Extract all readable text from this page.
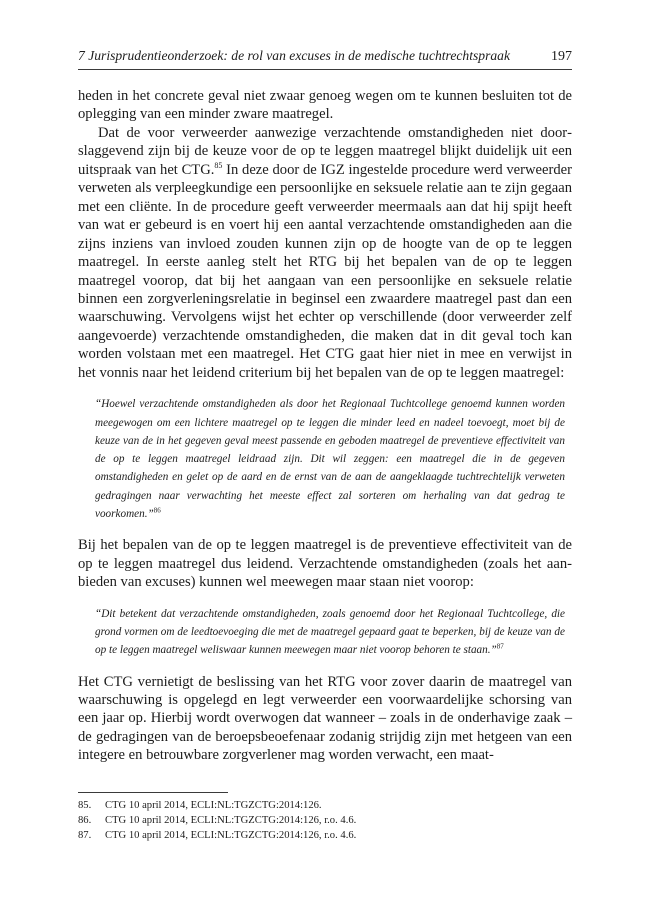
7 Jurisprudentieonderzoek: de rol van excuses in de medische tuchtrechtspraak	197

heden in het concrete geval niet zwaar genoeg wegen om te kunnen besluiten tot de oplegging van een minder zware maatregel.

Dat de voor verweerder aanwezige verzachtende omstandigheden niet doorslaggevend zijn bij de keuze voor de op te leggen maatregel blijkt duidelijk uit een uitspraak van het CTG.$^{85}$ In deze door de IGZ ingestelde procedure werd verweerder verweten als verpleegkundige een persoonlijke en seksuele relatie aan te zijn gegaan met een cliënte. In de procedure geeft verweerder meermaals aan dat hij spijt heeft van wat er gebeurd is en voert hij een aantal verzachtende omstandigheden aan die zijns inziens van invloed zouden kunnen zijn op de hoogte van de op te leggen maatregel. In eerste aanleg stelt het RTG bij het bepalen van de op te leggen maatregel voorop, dat bij het aangaan van een persoonlijke en seksuele relatie binnen een zorgverleningsrelatie in beginsel een zwaardere maatregel past dan een waarschuwing. Vervolgens wijst het echter op verschillende (door verweerder zelf aangevoerde) verzachtende omstandigheden, die maken dat in dit geval toch kan worden volstaan met een maatregel. Het CTG gaat hier niet in mee en verwijst in het vonnis naar het leidend criterium bij het bepalen van de op te leggen maatregel:

“Hoewel verzachtende omstandigheden als door het Regionaal Tuchtcollege genoemd kunnen worden meegewogen om een lichtere maatregel op te leggen die minder leed en nadeel toevoegt, moet bij de keuze van de in het gegeven geval meest passende en geboden maatregel de preventieve effectiviteit van de op te leggen maatregel leidraad zijn. Dit wil zeggen: een maatregel die in de gegeven omstandigheden en gelet op de aard en de ernst van de aan de aangeklaagde tuchtrechtelijk verweten gedragingen naar verwachting het meeste effect zal sorteren om herhaling van dat gedrag te voorkomen.”$^{86}$

Bij het bepalen van de op te leggen maatregel is de preventieve effectiviteit van de op te leggen maatregel dus leidend. Verzachtende omstandigheden (zoals het aanbieden van excuses) kunnen wel meewegen maar staan niet voorop:

“Dit betekent dat verzachtende omstandigheden, zoals genoemd door het Regionaal Tuchtcollege, die grond vormen om de leedtoevoeging die met de maatregel gepaard gaat te beperken, bij de keuze van de op te leggen maatregel weliswaar kunnen meewegen maar niet voorop behoren te staan.”$^{87}$

Het CTG vernietigt de beslissing van het RTG voor zover daarin de maatregel van waarschuwing is opgelegd en legt verweerder een voorwaardelijke schorsing van een jaar op. Hierbij wordt overwogen dat wanneer – zoals in de onderhavige zaak – de gedragingen van de beroepsbeoefenaar zodanig strijdig zijn met hetgeen van een integere en betrouwbare zorgverlener mag worden verwacht, een maat-

85.	CTG 10 april 2014, ECLI:NL:TGZCTG:2014:126.
86.	CTG 10 april 2014, ECLI:NL:TGZCTG:2014:126, r.o. 4.6.
87.	CTG 10 april 2014, ECLI:NL:TGZCTG:2014:126, r.o. 4.6.
